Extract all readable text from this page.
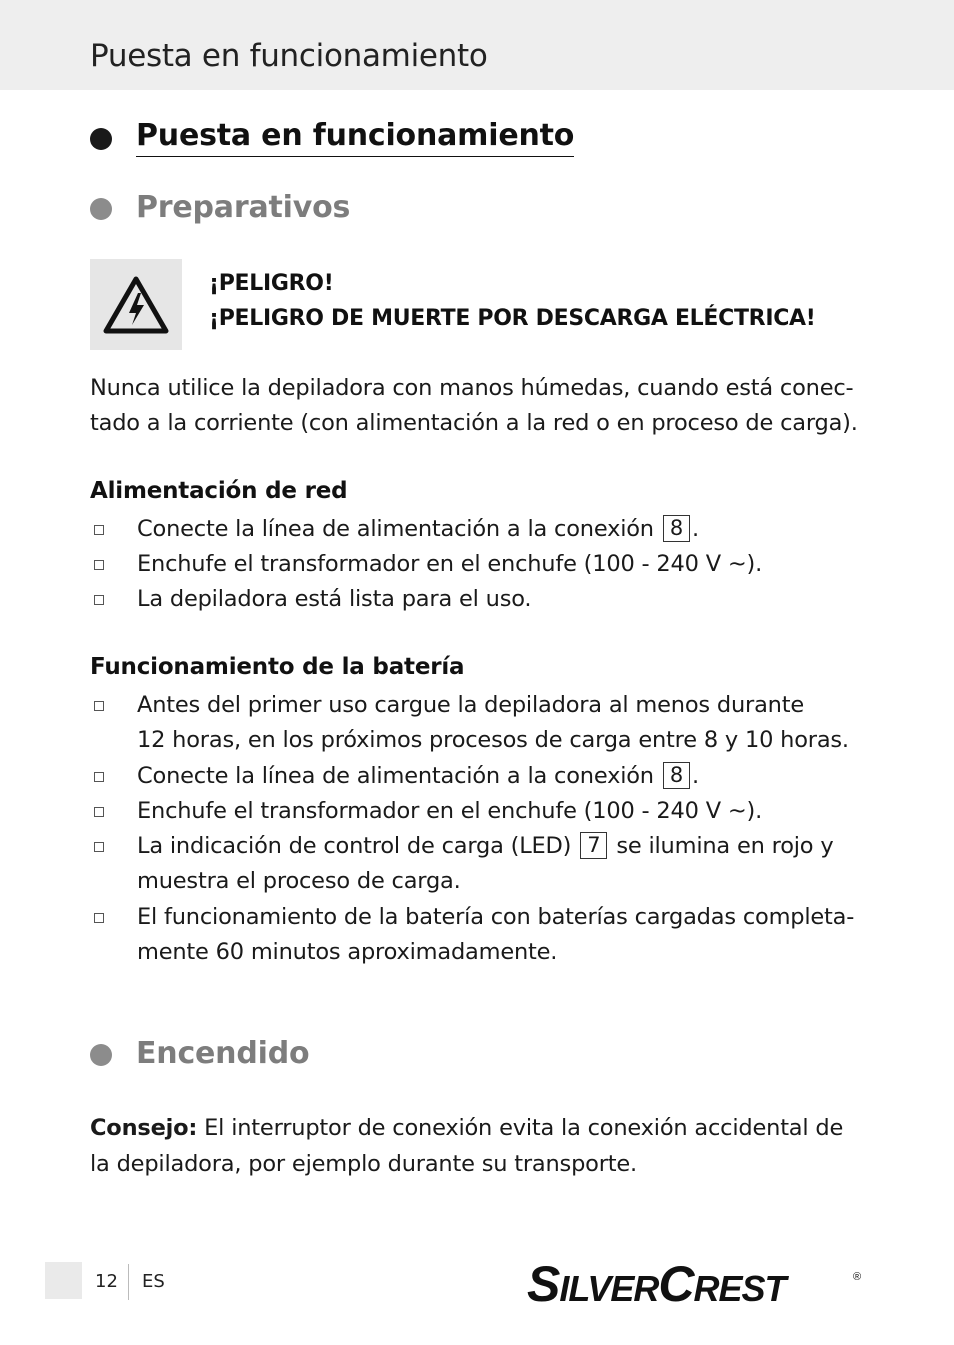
Puesta en funcionamiento
Puesta en funcionamiento
Preparativos
¡PELIGRO!
¡PELIGRO DE MUERTE POR DESCARGA ELÉCTRICA!
Nunca utilice la depiladora con manos húmedas, cuando está conec-
tado a la corriente (con alimentación a la red o en proceso de carga).
Alimentación de red
Conecte la línea de alimentación a la conexión 8 .
Enchufe el transformador en el enchufe (100 - 240 V ~).
La depiladora está lista para el uso.
Funcionamiento de la batería
Antes del primer uso cargue la depiladora al menos durante
12 horas, en los próximos procesos de carga entre 8 y 10 horas.
Conecte la línea de alimentación a la conexión 8 .
Enchufe el transformador en el enchufe (100 - 240 V ~).
La indicación de control de carga (LED) 7 se ilumina en rojo y
muestra el proceso de carga.
El funcionamiento de la batería con baterías cargadas completa-
mente 60 minutos aproximadamente.
Encendido
Consejo: El interruptor de conexión evita la conexión accidental de
la depiladora, por ejemplo durante su transporte.
12 ES	SILVERCREST	®
